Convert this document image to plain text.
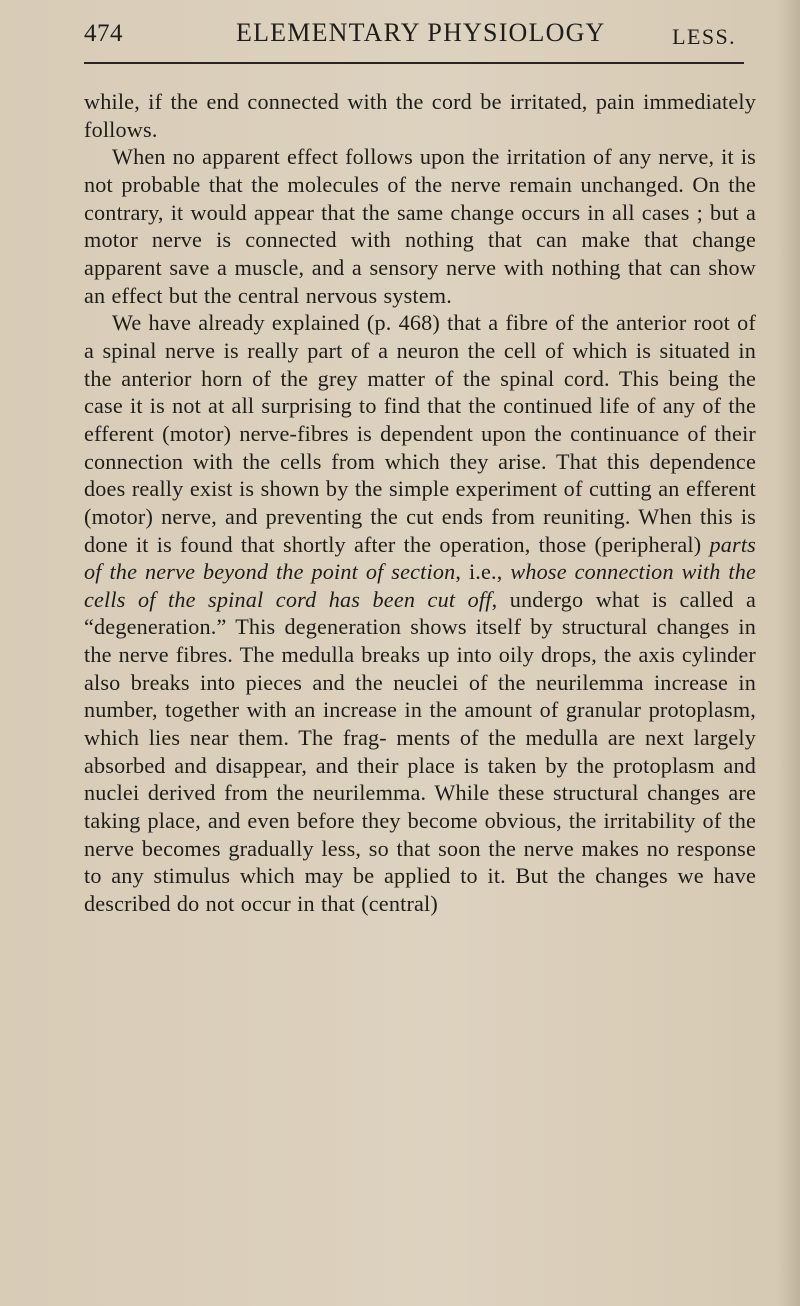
474	ELEMENTARY PHYSIOLOGY	LESS.

while, if the end connected with the cord be irritated, pain immediately follows.

When no apparent effect follows upon the irritation of any nerve, it is not probable that the molecules of the nerve remain unchanged. On the contrary, it would appear that the same change occurs in all cases ; but a motor nerve is connected with nothing that can make that change apparent save a muscle, and a sensory nerve with nothing that can show an effect but the central nervous system.

We have already explained (p. 468) that a fibre of the anterior root of a spinal nerve is really part of a neuron the cell of which is situated in the anterior horn of the grey matter of the spinal cord. This being the case it is not at all surprising to find that the continued life of any of the efferent (motor) nerve-fibres is dependent upon the continuance of their connection with the cells from which they arise. That this dependence does really exist is shown by the simple experiment of cutting an efferent (motor) nerve, and preventing the cut ends from reuniting. When this is done it is found that shortly after the operation, those (peripheral) parts of the nerve beyond the point of section, i.e., whose connection with the cells of the spinal cord has been cut off, undergo what is called a “degeneration.” This degeneration shows itself by structural changes in the nerve fibres. The medulla breaks up into oily drops, the axis cylinder also breaks into pieces and the neuclei of the neurilemma increase in number, together with an increase in the amount of granular protoplasm, which lies near them. The frag- ments of the medulla are next largely absorbed and disappear, and their place is taken by the protoplasm and nuclei derived from the neurilemma. While these structural changes are taking place, and even before they become obvious, the irritability of the nerve becomes gradually less, so that soon the nerve makes no response to any stimulus which may be applied to it. But the changes we have described do not occur in that (central)
